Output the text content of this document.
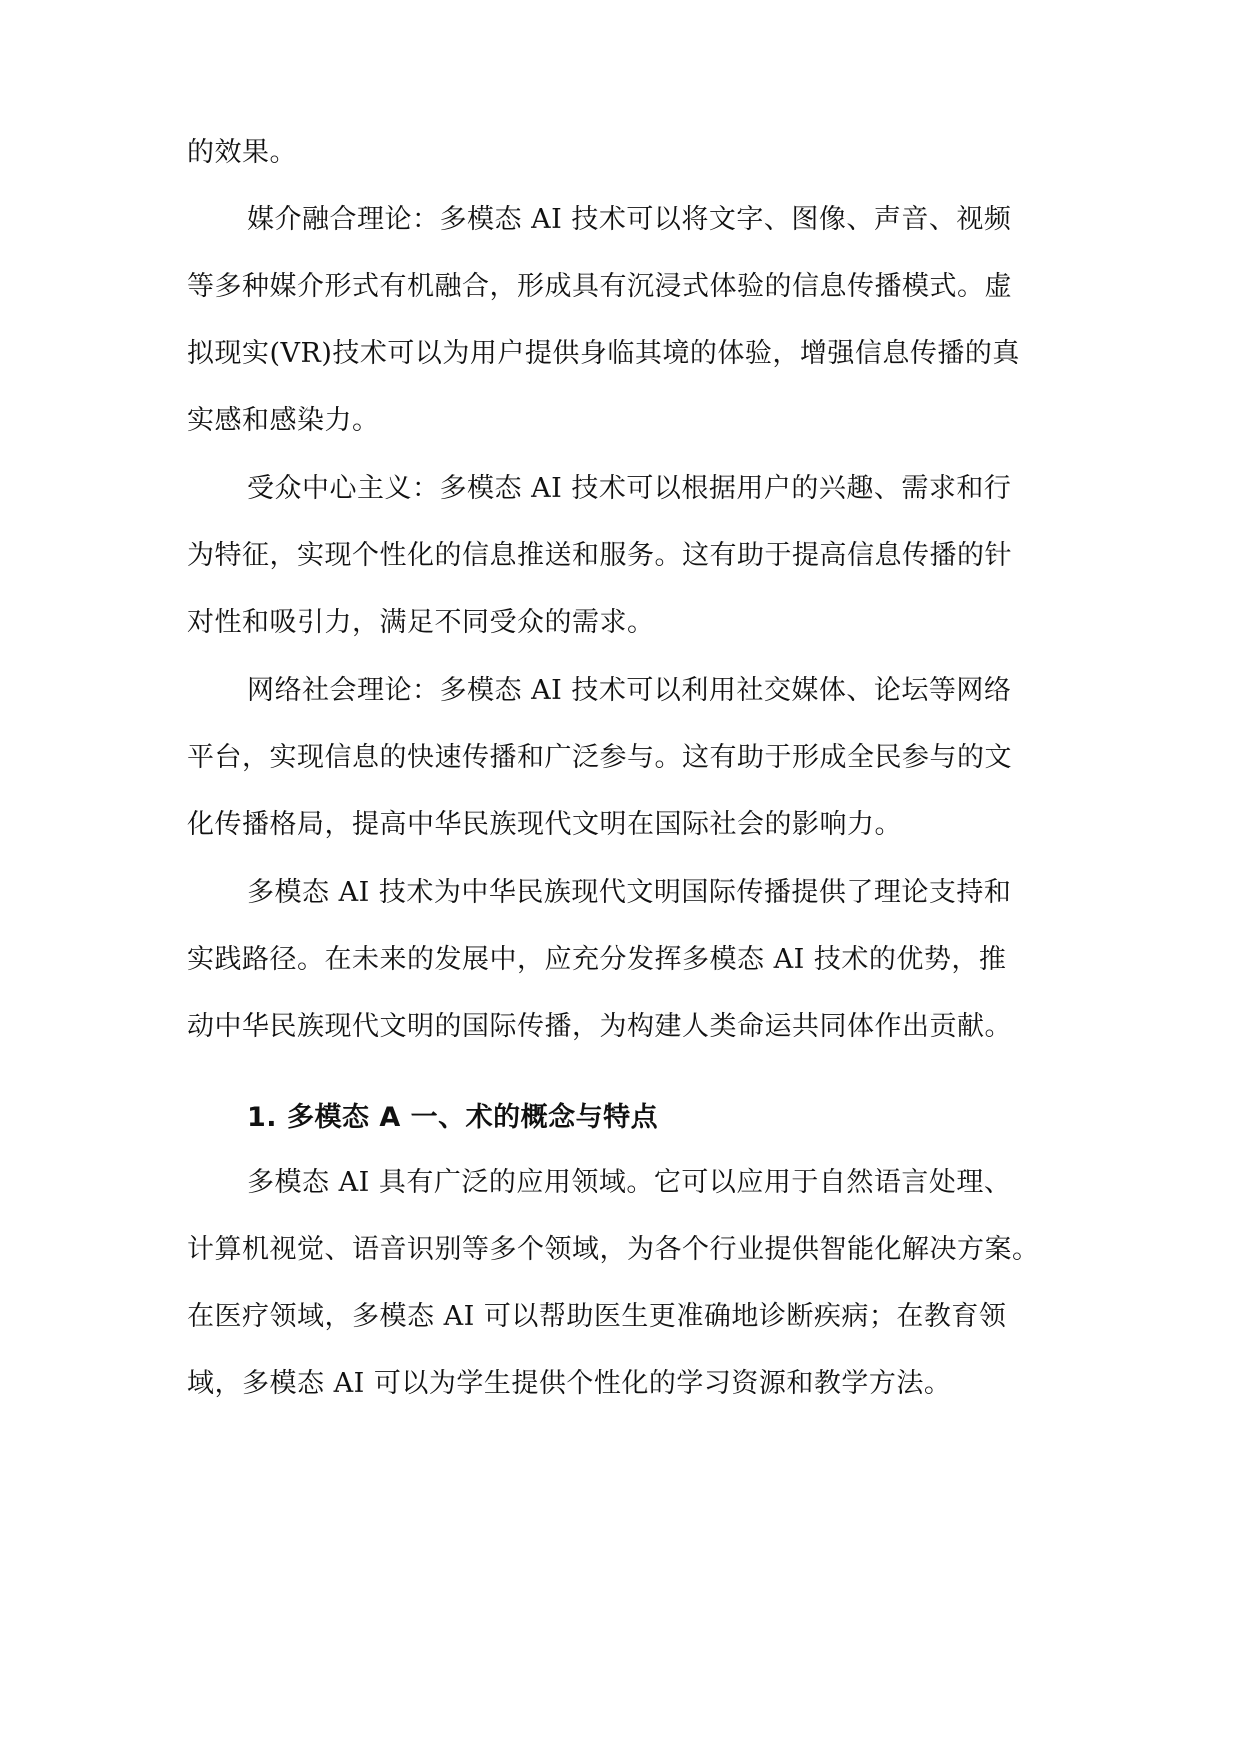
的效果。
媒介融合理论：多模态 AI 技术可以将文字、图像、声音、视频
等多种媒介形式有机融合，形成具有沉浸式体验的信息传播模式。虚
拟现实(VR)技术可以为用户提供身临其境的体验，增强信息传播的真
实感和感染力。
受众中心主义：多模态 AI 技术可以根据用户的兴趣、需求和行
为特征，实现个性化的信息推送和服务。这有助于提高信息传播的针
对性和吸引力，满足不同受众的需求。
网络社会理论：多模态 AI 技术可以利用社交媒体、论坛等网络
平台，实现信息的快速传播和广泛参与。这有助于形成全民参与的文
化传播格局，提高中华民族现代文明在国际社会的影响力。
多模态 AI 技术为中华民族现代文明国际传播提供了理论支持和
实践路径。在未来的发展中，应充分发挥多模态 AI 技术的优势，推
动中华民族现代文明的国际传播，为构建人类命运共同体作出贡献。
1. 多模态 A 一、术的概念与特点
多模态 AI 具有广泛的应用领域。它可以应用于自然语言处理、
计算机视觉、语音识别等多个领域，为各个行业提供智能化解决方案。
在医疗领域，多模态 AI 可以帮助医生更准确地诊断疾病；在教育领
域，多模态 AI 可以为学生提供个性化的学习资源和教学方法。
